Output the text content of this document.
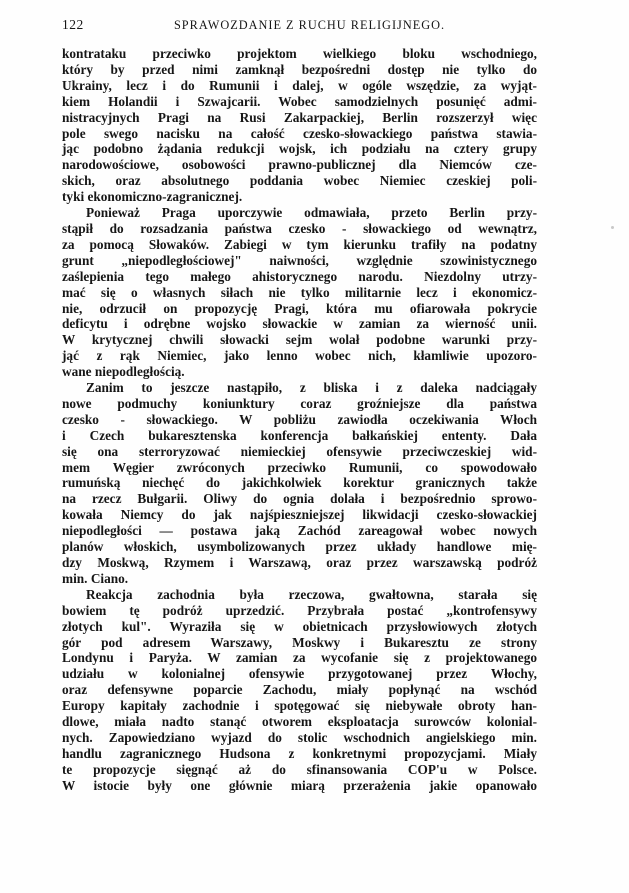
122	SPRAWOZDANIE Z RUCHU RELIGIJNEGO.

kontrataku przeciwko projektom wielkiego bloku wschodniego,
który by przed nimi zamknął bezpośredni dostęp nie tylko do
Ukrainy, lecz i do Rumunii i dalej, w ogóle wszędzie, za wyjąt-
kiem Holandii i Szwajcarii. Wobec samodzielnych posunięć admi-
nistracyjnych Pragi na Rusi Zakarpackiej, Berlin rozszerzył więc
pole swego nacisku na całość czesko-słowackiego państwa stawia-
jąc podobno żądania redukcji wojsk, ich podziału na cztery grupy
narodowościowe, osobowości prawno-publicznej dla Niemców cze-
skich, oraz absolutnego poddania wobec Niemiec czeskiej poli-
tyki ekonomiczno-zagranicznej.

Ponieważ Praga uporczywie odmawiała, przeto Berlin przy-
stąpił do rozsadzania państwa czesko - słowackiego od wewnątrz,
za pomocą Słowaków. Zabiegi w tym kierunku trafiły na podatny
grunt „niepodległościowej" naiwności, względnie szowinistycznego
zaślepienia tego małego ahistorycznego narodu. Niezdolny utrzy-
mać się o własnych siłach nie tylko militarnie lecz i ekonomicz-
nie, odrzucił on propozycję Pragi, która mu ofiarowała pokrycie
deficytu i odrębne wojsko słowackie w zamian za wierność unii.
W krytycznej chwili słowacki sejm wolał podobne warunki przy-
jąć z rąk Niemiec, jako lenno wobec nich, kłamliwie upozoro-
wane niepodległością.

Zanim to jeszcze nastąpiło, z bliska i z daleka nadciągały
nowe podmuchy koniunktury coraz groźniejsze dla państwa
czesko - słowackiego. W pobliżu zawiodła oczekiwania Włoch
i Czech bukaresztenska konferencja bałkańskiej ententy. Dała
się ona sterroryzować niemieckiej ofensywie przeciwczeskiej wid-
mem Węgier zwróconych przeciwko Rumunii, co spowodowało
rumuńską niechęć do jakichkolwiek korektur granicznych także
na rzecz Bułgarii. Oliwy do ognia dolała i bezpośrednio sprowo-
kowała Niemcy do jak najśpieszniejszej likwidacji czesko-słowackiej
niepodległości — postawa jaką Zachód zareagował wobec nowych
planów włoskich, usymbolizowanych przez układy handlowe mię-
dzy Moskwą, Rzymem i Warszawą, oraz przez warszawską podróż
min. Ciano.

Reakcja zachodnia była rzeczowa, gwałtowna, starała się
bowiem tę podróż uprzedzić. Przybrała postać „kontrofensywy
złotych kul". Wyraziła się w obietnicach przysłowiowych złotych
gór pod adresem Warszawy, Moskwy i Bukaresztu ze strony
Londynu i Paryża. W zamian za wycofanie się z projektowanego
udziału w kolonialnej ofensywie przygotowanej przez Włochy,
oraz defensywne poparcie Zachodu, miały popłynąć na wschód
Europy kapitały zachodnie i spotęgować się niebywałe obroty han-
dlowe, miała nadto stanąć otworem eksploatacja surowców kolonial-
nych. Zapowiedziano wyjazd do stolic wschodnich angielskiego min.
handlu zagranicznego Hudsona z konkretnymi propozycjami. Miały
te propozycje sięgnąć aż do sfinansowania COP'u w Polsce.
W istocie były one głównie miarą przerażenia jakie opanowało
